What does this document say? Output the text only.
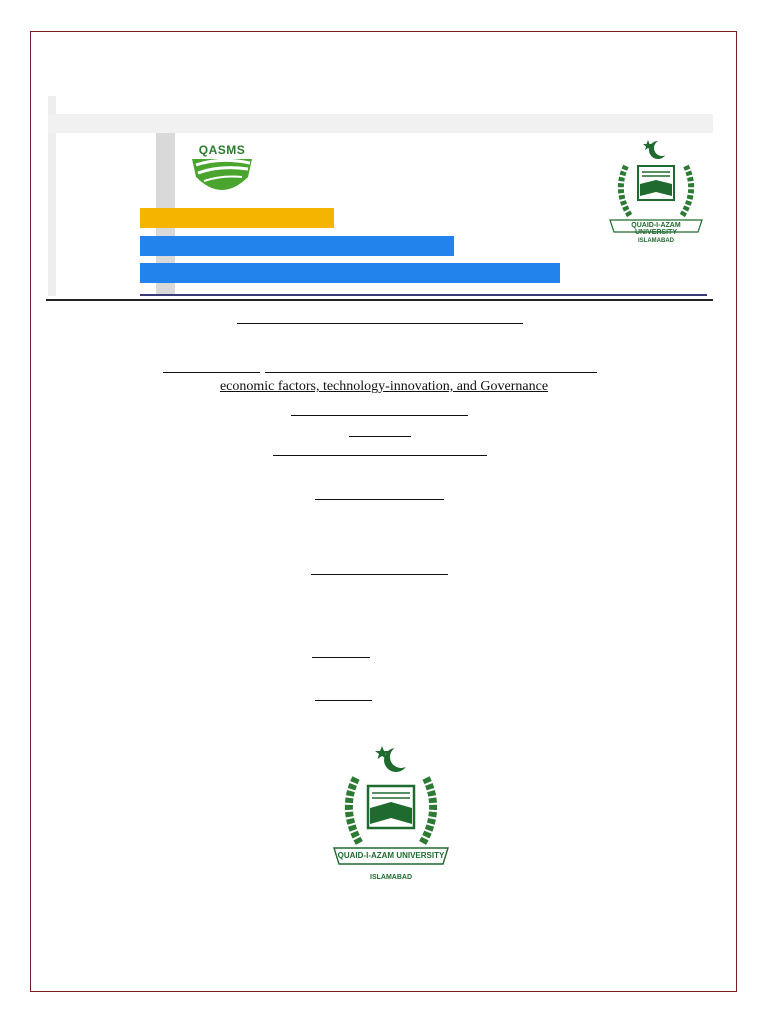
QASMS
QUAID-I-AZAM UNIVERSITY
ISLAMABAD
economic factors, technology-innovation, and Governance
QUAID-I-AZAM UNIVERSITY
ISLAMABAD
